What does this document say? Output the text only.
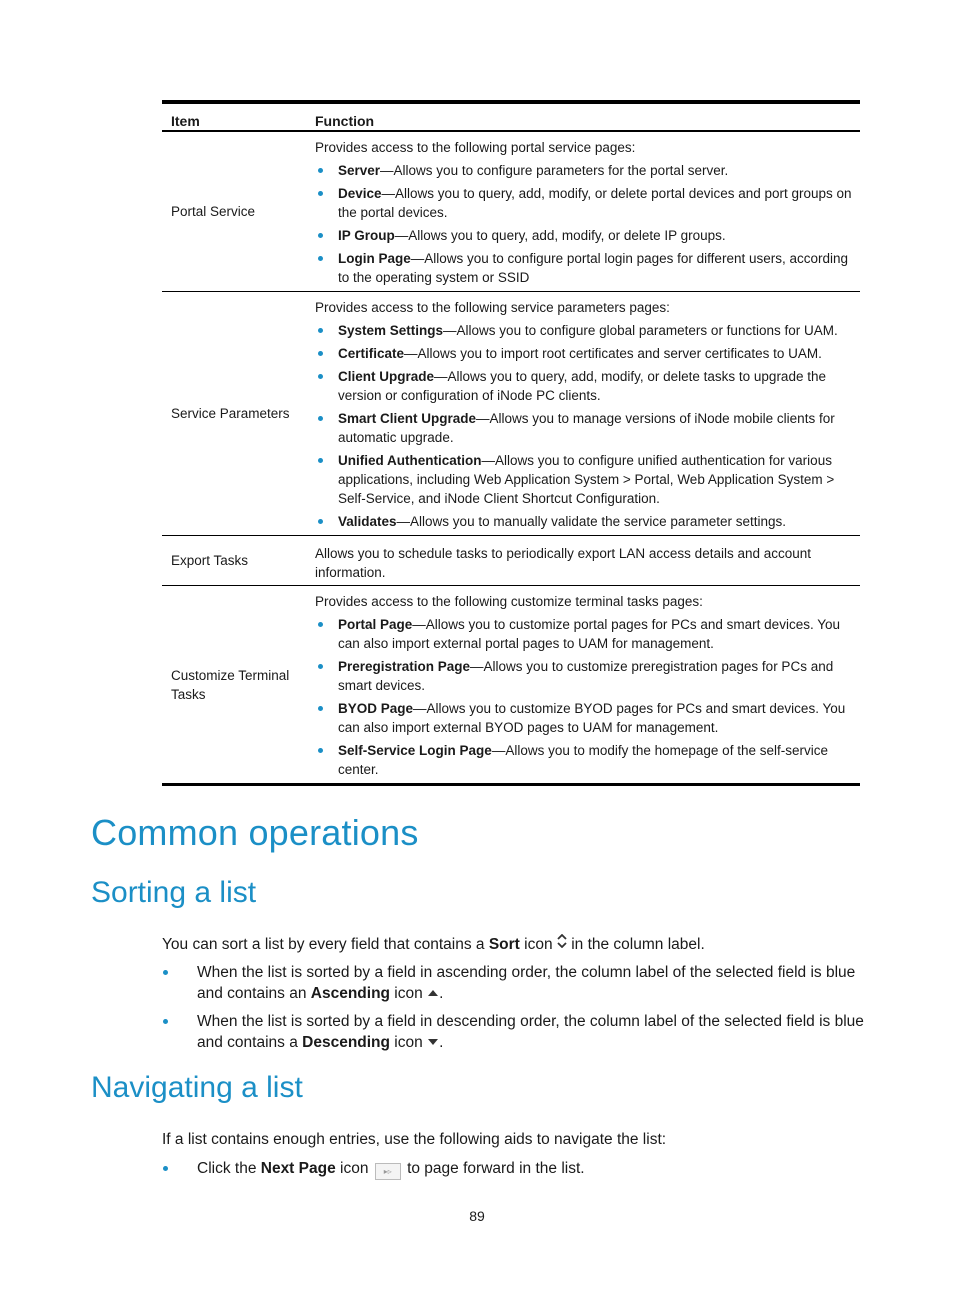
Item	Function
Portal Service

Provides access to the following portal service pages:

Server—Allows you to configure parameters for the portal server.
Device—Allows you to query, add, modify, or delete portal devices and port groups on the portal devices.
IP Group—Allows you to query, add, modify, or delete IP groups.
Login Page—Allows you to configure portal login pages for different users, according to the operating system or SSID
Service Parameters

Provides access to the following service parameters pages:

System Settings—Allows you to configure global parameters or functions for UAM.
Certificate—Allows you to import root certificates and server certificates to UAM.
Client Upgrade—Allows you to query, add, modify, or delete tasks to upgrade the version or configuration of iNode PC clients.
Smart Client Upgrade—Allows you to manage versions of iNode mobile clients for automatic upgrade.
Unified Authentication—Allows you to configure unified authentication for various applications, including Web Application System > Portal, Web Application System > Self-Service, and iNode Client Shortcut Configuration.
Validates—Allows you to manually validate the service parameter settings.
Export Tasks	Allows you to schedule tasks to periodically export LAN access details and account information.

Customize Terminal Tasks

Provides access to the following customize terminal tasks pages:

Portal Page—Allows you to customize portal pages for PCs and smart devices. You can also import external portal pages to UAM for management.
Preregistration Page—Allows you to customize preregistration pages for PCs and smart devices.
BYOD Page—Allows you to customize BYOD pages for PCs and smart devices. You can also import external BYOD pages to UAM for management.
Self-Service Login Page—Allows you to modify the homepage of the self-service center.
Common operations
Sorting a list

You can sort a list by every field that contains a Sort icon  in the column label.

When the list is sorted by a field in ascending order, the column label of the selected field is blue and contains an Ascending icon .
When the list is sorted by a field in descending order, the column label of the selected field is blue and contains a Descending icon .
Navigating a list

If a list contains enough entries, use the following aids to navigate the list:

Click the Next Page icon ▸▹ to page forward in the list.
89
